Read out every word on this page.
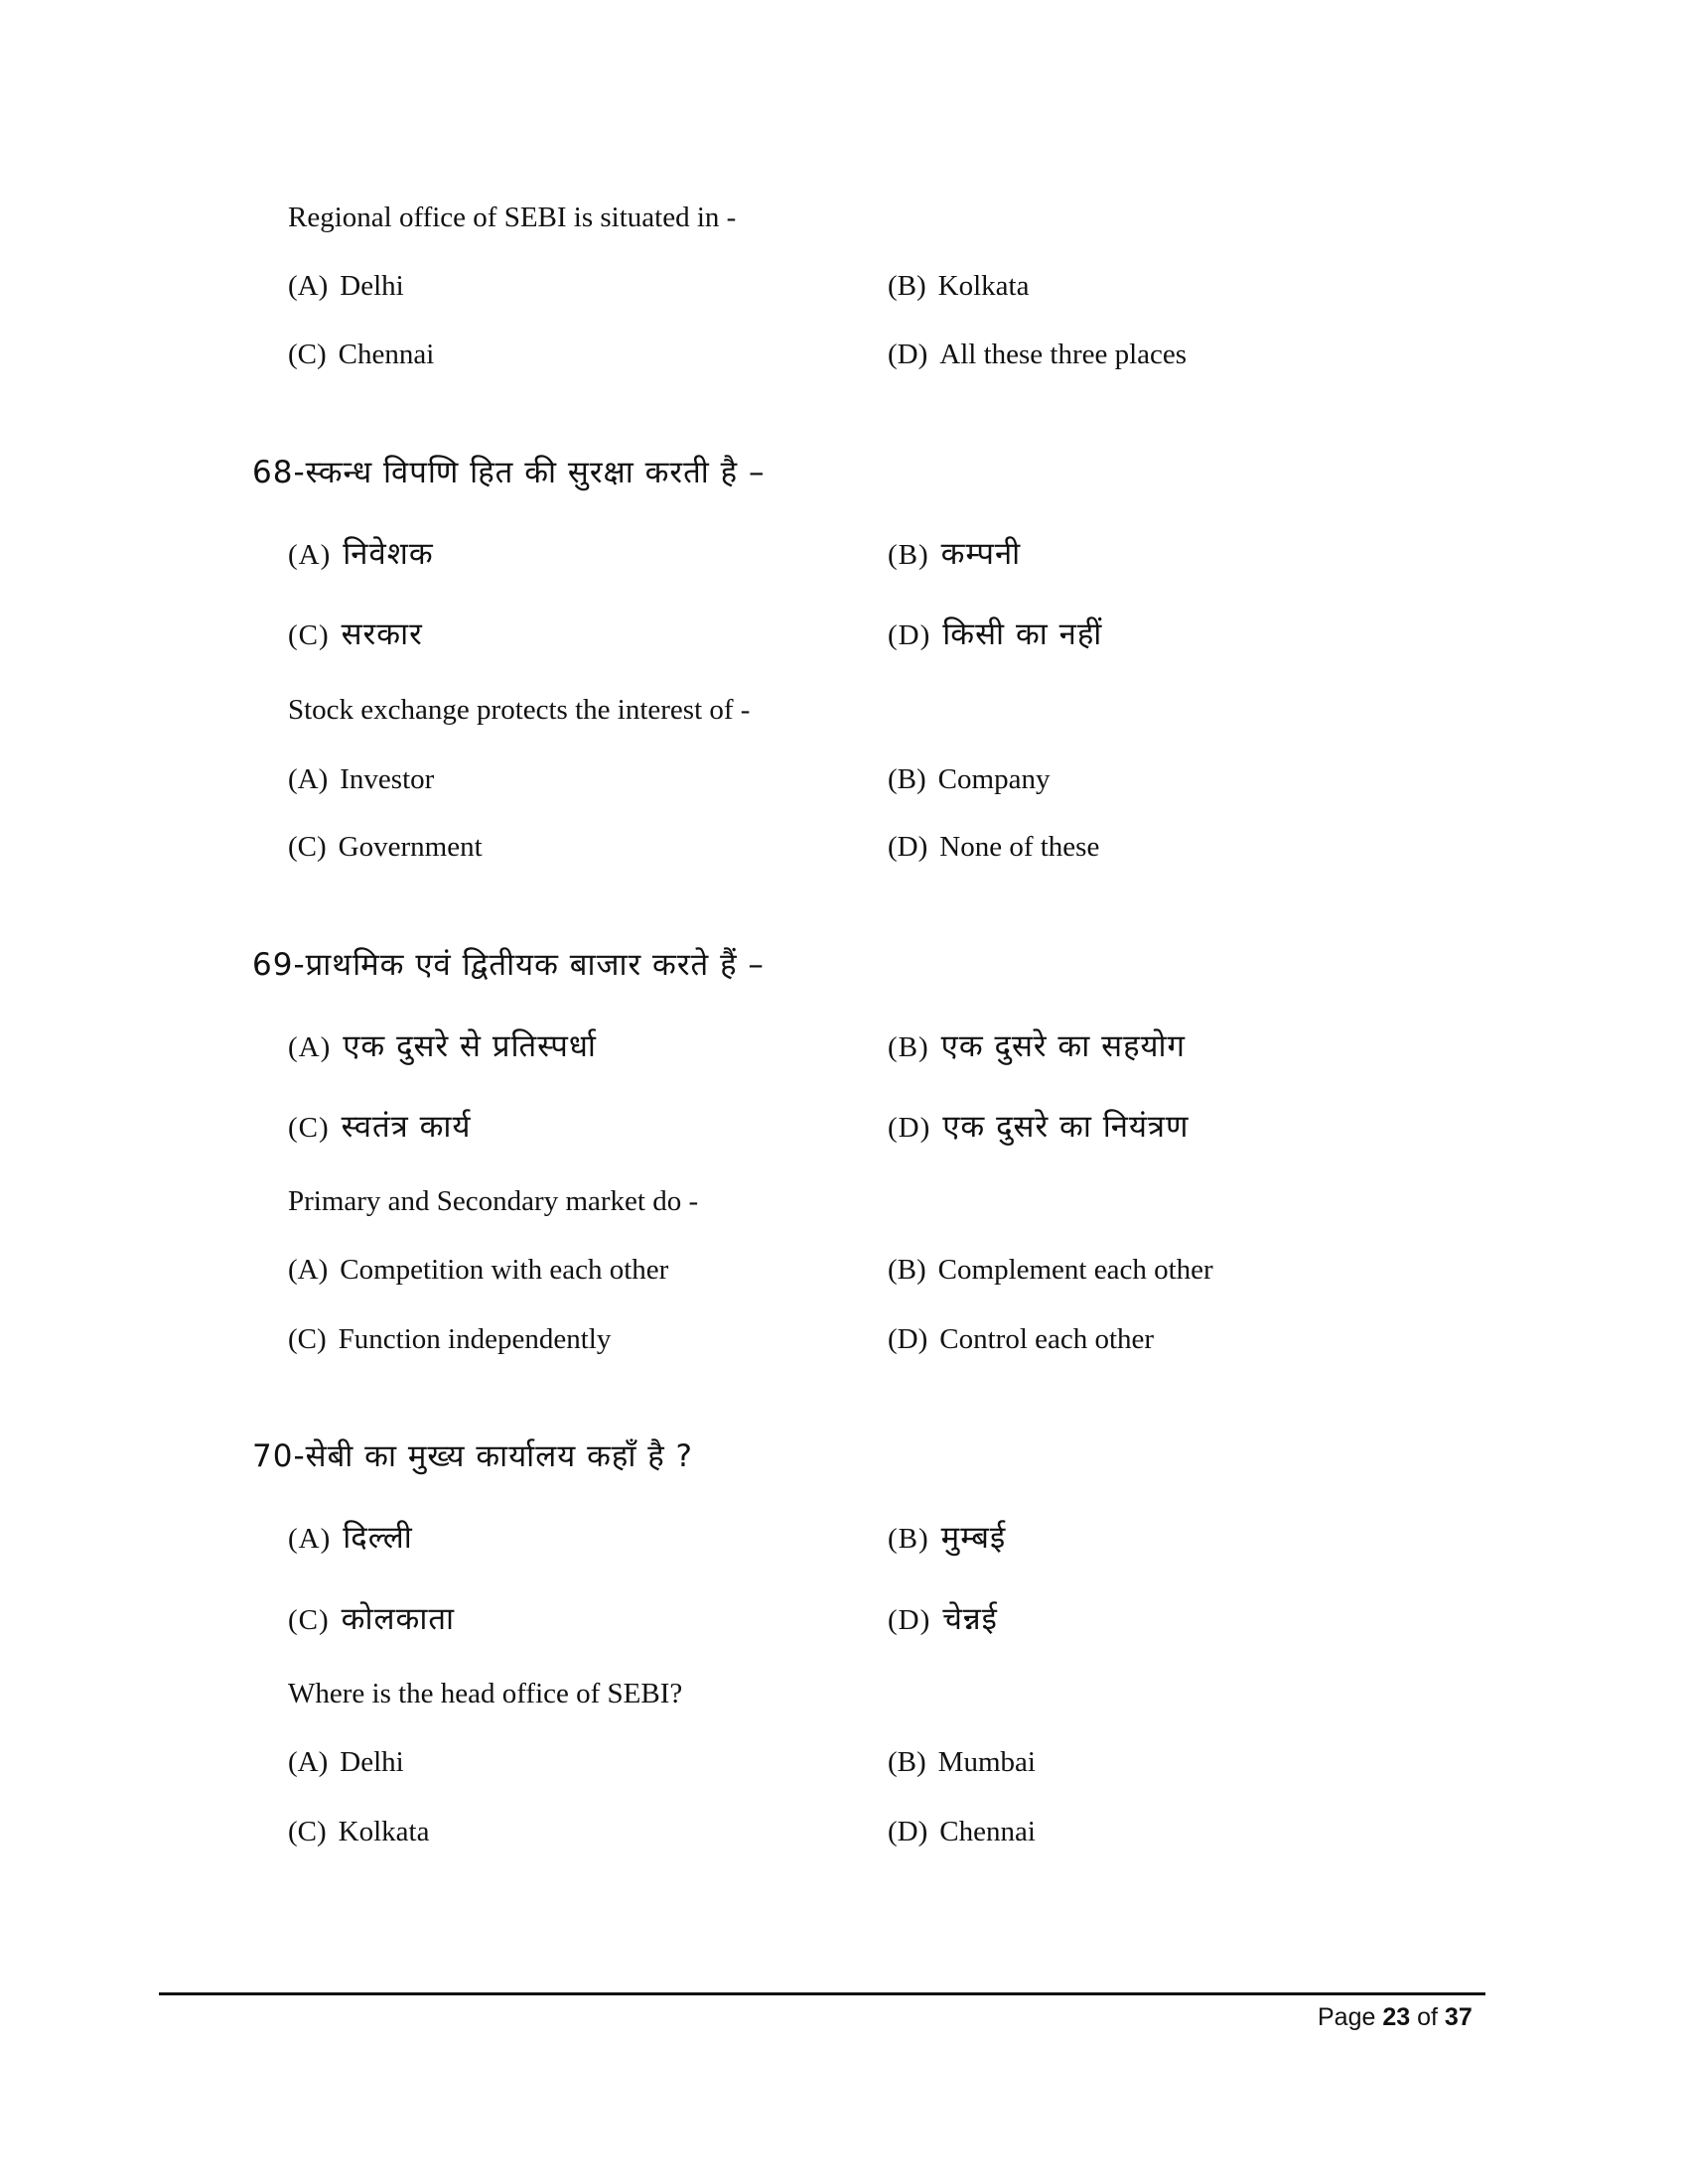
Regional office of SEBI is situated in -
(A) Delhi	(B) Kolkata
(C) Chennai	(D) All these three places
68-स्कन्ध विपणि हित की सुरक्षा करती है –
(A) निवेशक	(B) कम्पनी
(C) सरकार	(D) किसी का नहीं
Stock exchange protects the interest of -
(A) Investor	(B) Company
(C) Government	(D) None of these
69-प्राथमिक एवं द्वितीयक बाजार करते हैं –
(A) एक दुसरे से प्रतिस्पर्धा	(B) एक दुसरे का सहयोग
(C) स्वतंत्र कार्य	(D) एक दुसरे का नियंत्रण
Primary and Secondary market do -
(A) Competition with each other	(B) Complement each other
(C) Function independently	(D) Control each other
70-सेबी का मुख्य कार्यालय कहाँ है ?
(A) दिल्ली	(B) मुम्बई
(C) कोलकाता	(D) चेन्नई
Where is the head office of SEBI?
(A) Delhi	(B) Mumbai
(C) Kolkata	(D) Chennai
Page 23 of 37
